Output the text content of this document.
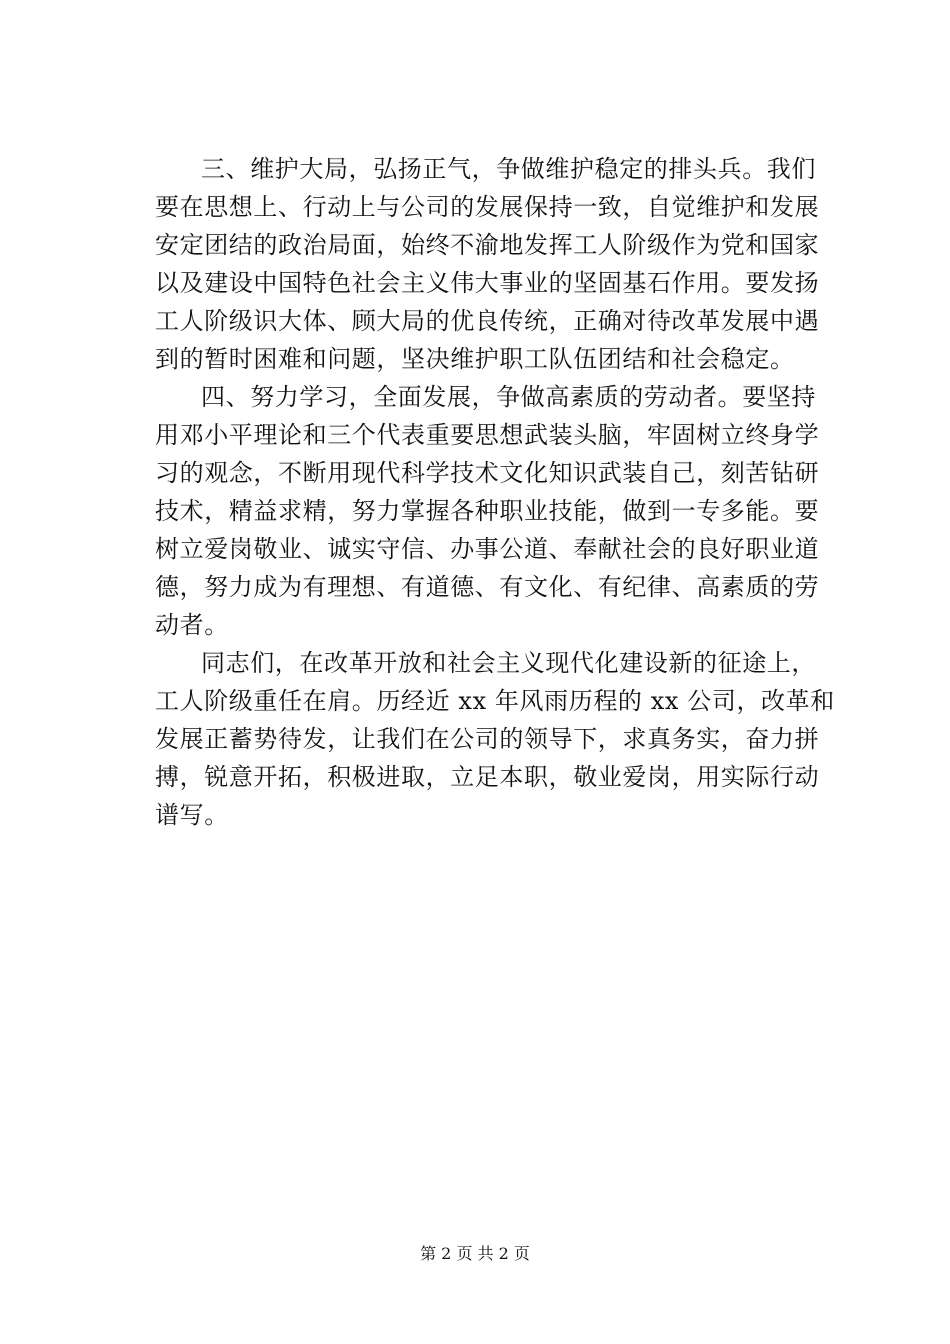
三、维护大局，弘扬正气，争做维护稳定的排头兵。我们
要在思想上、行动上与公司的发展保持一致，自觉维护和发展
安定团结的政治局面，始终不渝地发挥工人阶级作为党和国家
以及建设中国特色社会主义伟大事业的坚固基石作用。要发扬
工人阶级识大体、顾大局的优良传统，正确对待改革发展中遇
到的暂时困难和问题，坚决维护职工队伍团结和社会稳定。
四、努力学习，全面发展，争做高素质的劳动者。要坚持
用邓小平理论和三个代表重要思想武装头脑，牢固树立终身学
习的观念，不断用现代科学技术文化知识武装自己，刻苦钻研
技术，精益求精，努力掌握各种职业技能，做到一专多能。要
树立爱岗敬业、诚实守信、办事公道、奉献社会的良好职业道
德，努力成为有理想、有道德、有文化、有纪律、高素质的劳
动者。
同志们，在改革开放和社会主义现代化建设新的征途上，
工人阶级重任在肩。历经近 xx 年风雨历程的 xx 公司，改革和
发展正蓄势待发，让我们在公司的领导下，求真务实，奋力拼
搏，锐意开拓，积极进取，立足本职，敬业爱岗，用实际行动
谱写。
第 2 页 共 2 页
